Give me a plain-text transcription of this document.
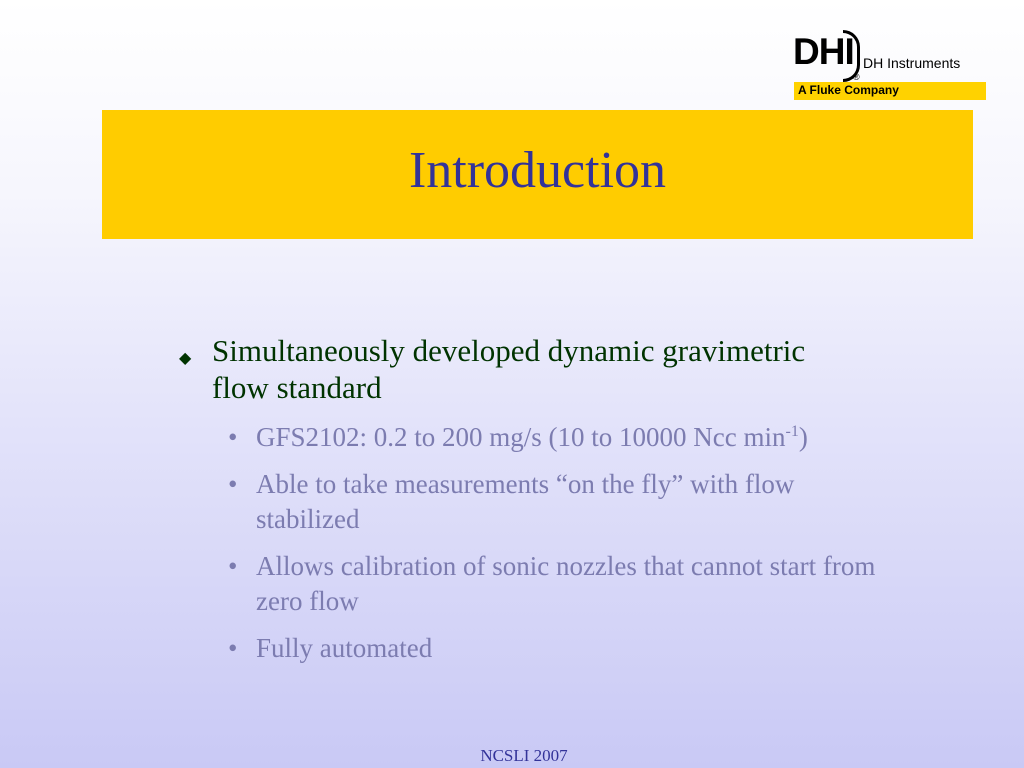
DHI
®
DH Instruments
A Fluke Company
Introduction
◆ Simultaneously developed dynamic gravimetric flow standard
• GFS2102: 0.2 to 200 mg/s (10 to 10000 Ncc $\min^{-1}$)
• Able to take measurements “on the fly” with flow stabilized
• Allows calibration of sonic nozzles that cannot start from zero flow
• Fully automated
NCSLI 2007
